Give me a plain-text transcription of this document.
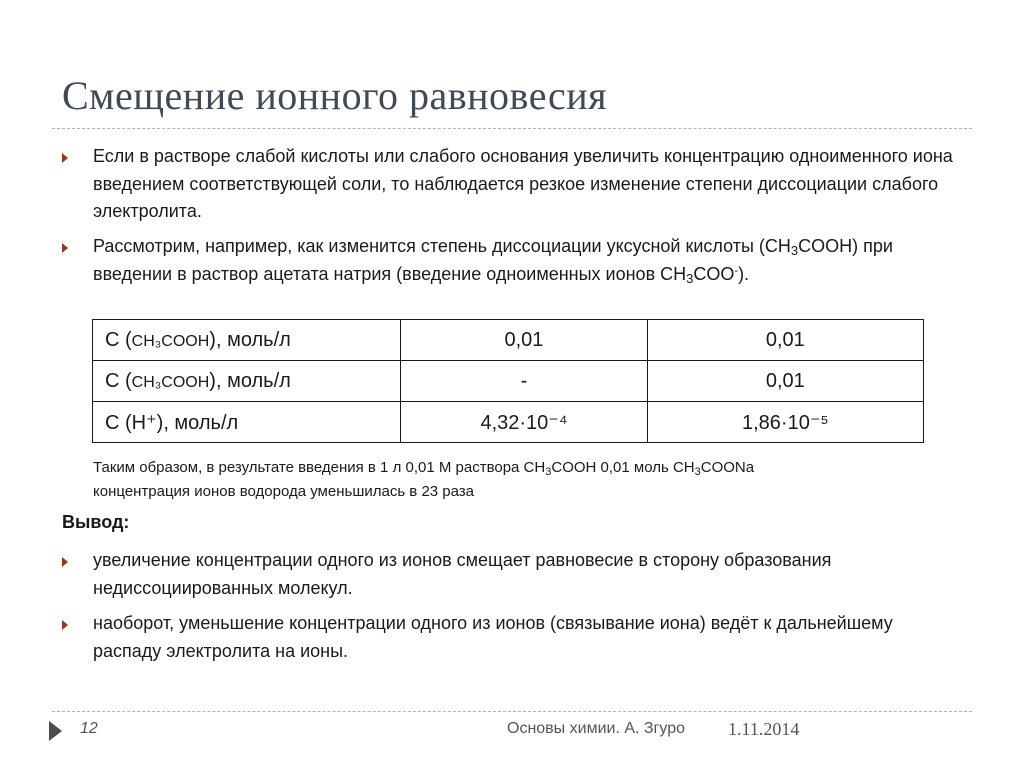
Смещение ионного равновесия
Если в растворе слабой кислоты или слабого основания увеличить концентрацию одноименного иона введением соответствующей соли, то наблюдается резкое изменение степени диссоциации слабого электролита.
Рассмотрим, например, как изменится степень диссоциации уксусной кислоты $(CH_3COOH)$ при введении в раствор ацетата натрия (введение одноименных ионов $CH_3COO^-$).
C (CH₃COOH), моль/л	0,01	0,01
C (CH₃COOH), моль/л	-	0,01
C (H⁺), моль/л	4,32·10⁻⁴	1,86·10⁻⁵
Таким образом, в результате введения в 1 л 0,01 М раствора $CH_3COOH$ 0,01 моль $CH_3COONa$
концентрация ионов водорода уменьшилась в 23 раза
Вывод:
увеличение концентрации одного из ионов смещает равновесие в сторону образования недиссоциированных молекул.
наоборот, уменьшение концентрации одного из ионов (связывание иона) ведёт к дальнейшему распаду электролита на ионы.
12	Основы химии. А. Згуро 1.11.2014
